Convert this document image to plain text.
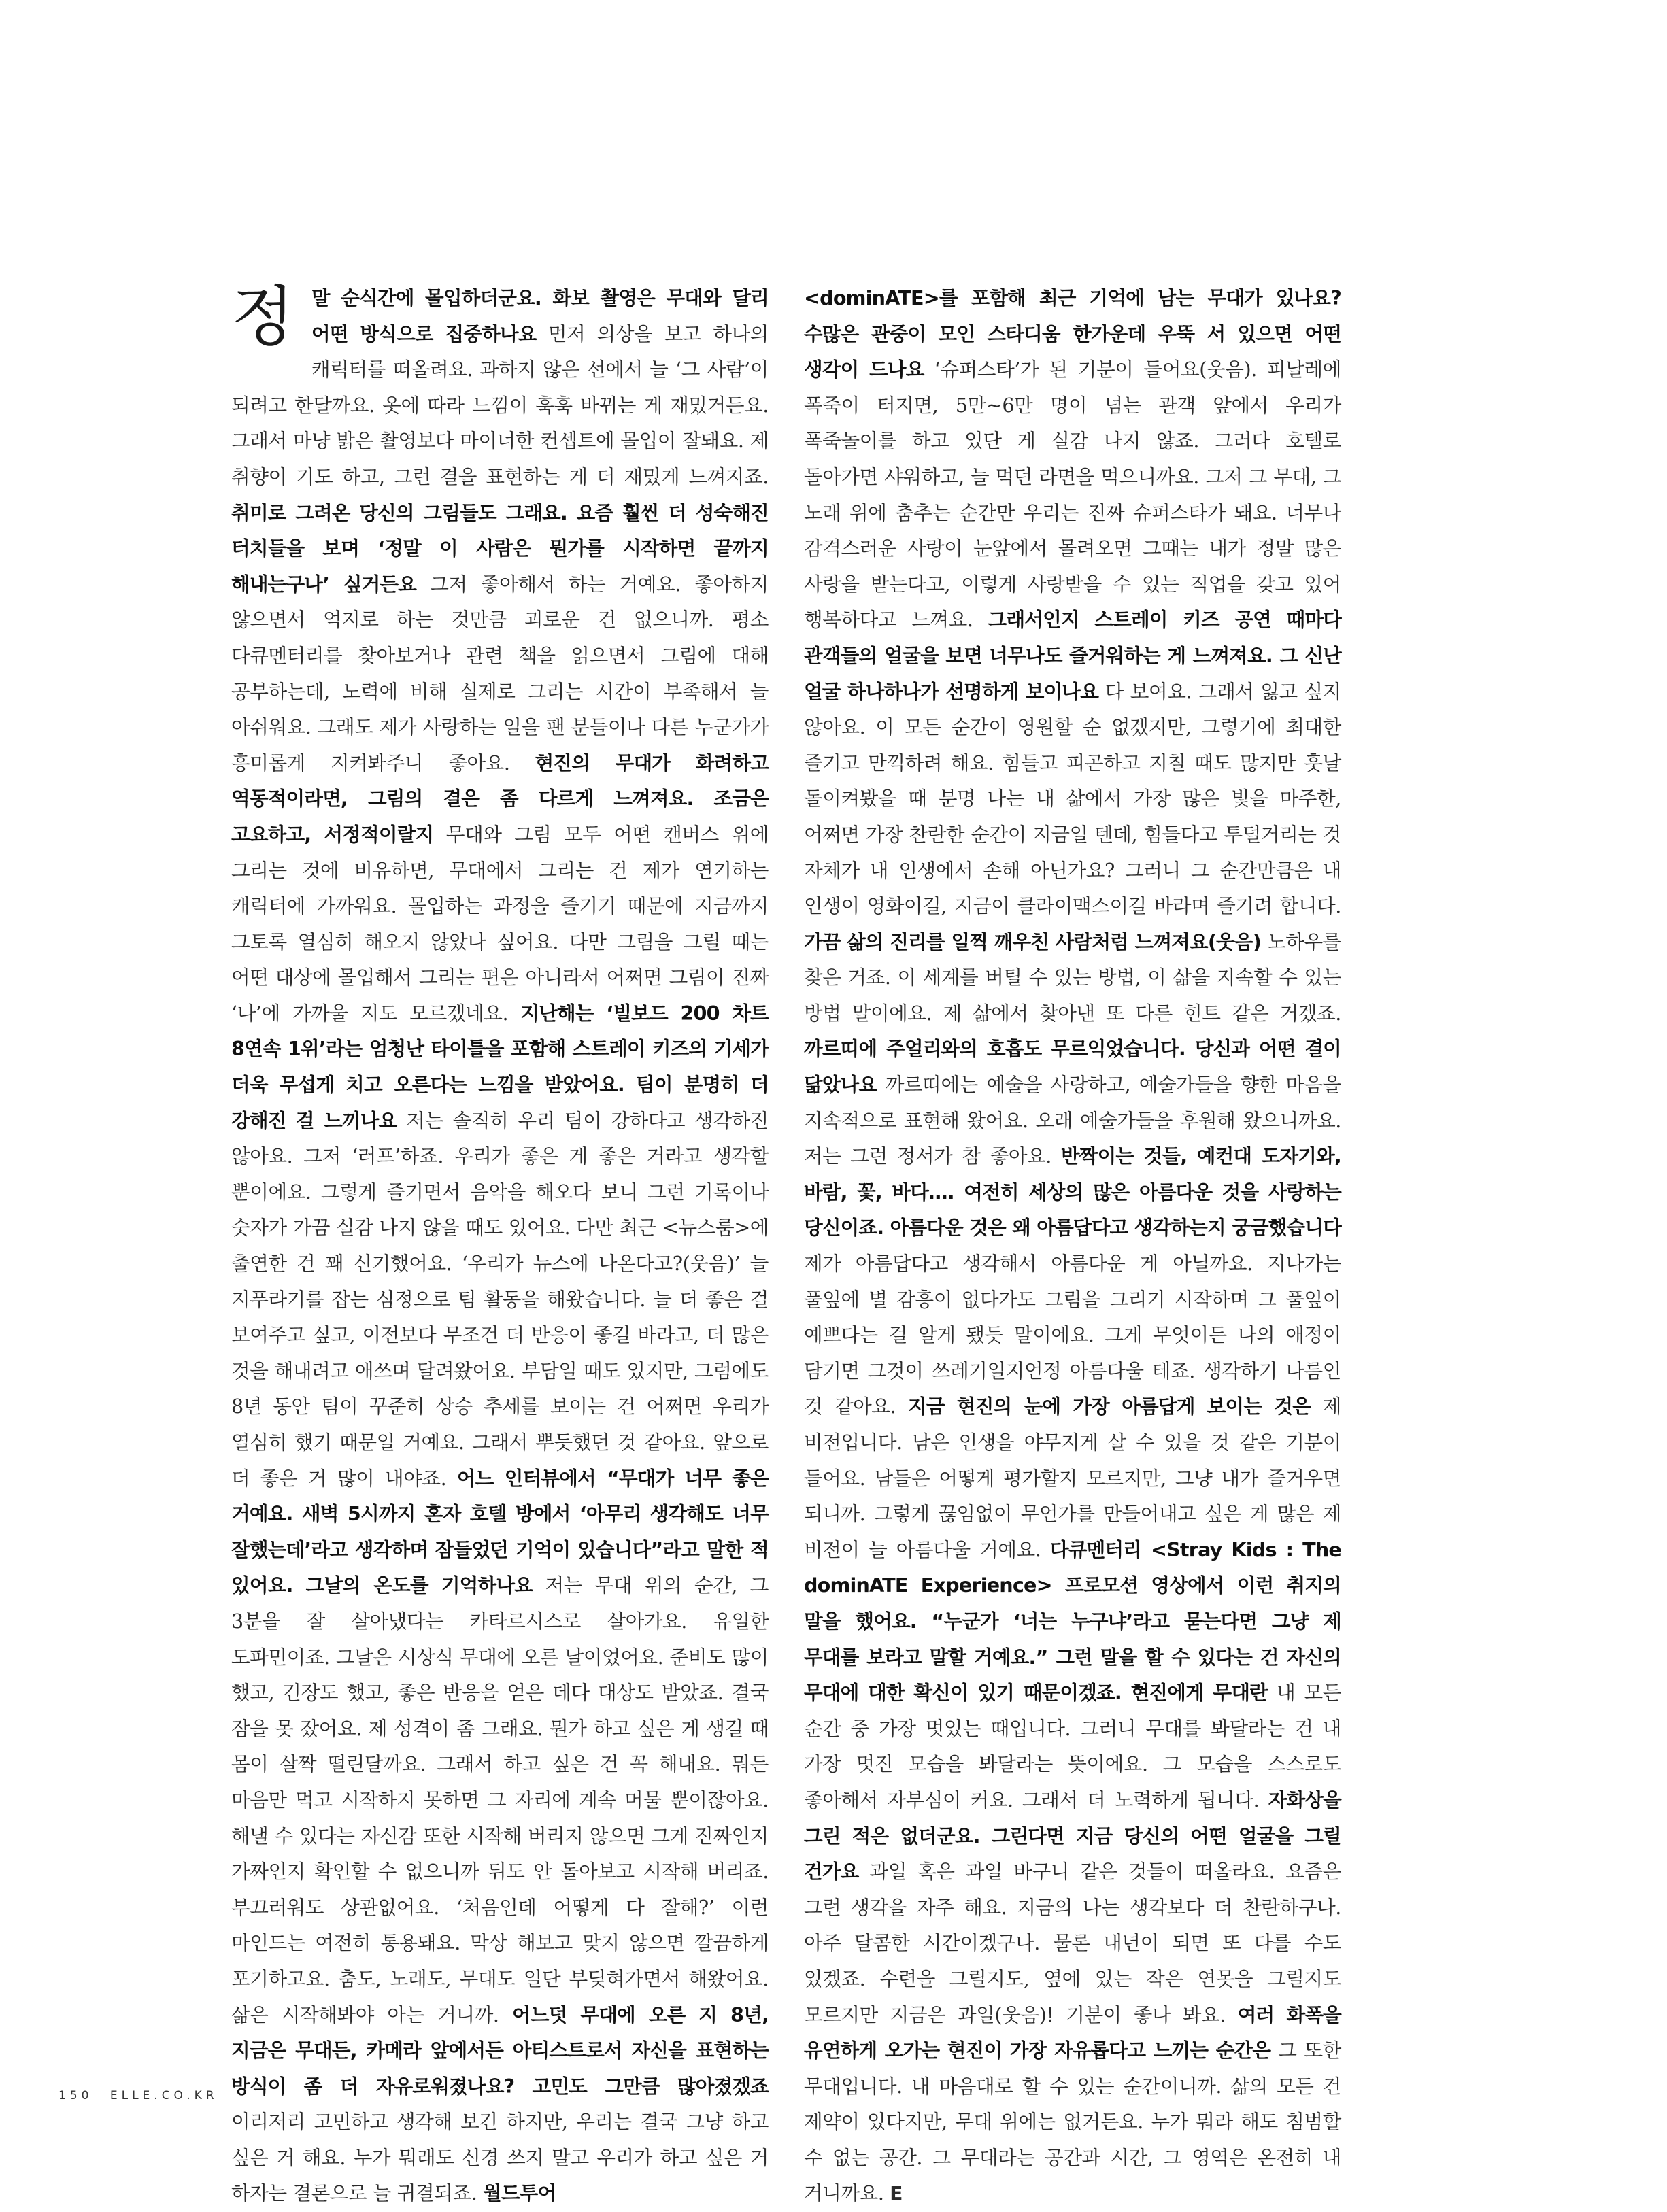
정 말 순식간에 몰입하더군요. 화보 촬영은 무대와 달리 어떤 방식으로 집중하나요 먼저 의상을 보고 하나의 캐릭터를 떠올려요. 과하지 않은 선에서 늘 ‘그 사람’이 되려고 한달까요. 옷에 따라 느낌이 훅훅 바뀌는 게 재밌거든요. 그래서 마냥 밝은 촬영보다 마이너한 컨셉트에 몰입이 잘돼요. 제 취향이 기도 하고, 그런 결을 표현하는 게 더 재밌게 느껴지죠. 취미로 그려온 당신의 그림들도 그래요. 요즘 훨씬 더 성숙해진 터치들을 보며 ‘정말 이 사람은 뭔가를 시작하면 끝까지 해내는구나’ 싶거든요 그저 좋아해서 하는 거예요. 좋아하지 않으면서 억지로 하는 것만큼 괴로운 건 없으니까. 평소 다큐멘터리를 찾아보거나 관련 책을 읽으면서 그림에 대해 공부하는데, 노력에 비해 실제로 그리는 시간이 부족해서 늘 아쉬워요. 그래도 제가 사랑하는 일을 팬 분들이나 다른 누군가가 흥미롭게 지켜봐주니 좋아요. 현진의 무대가 화려하고 역동적이라면, 그림의 결은 좀 다르게 느껴져요. 조금은 고요하고, 서정적이랄지 무대와 그림 모두 어떤 캔버스 위에 그리는 것에 비유하면, 무대에서 그리는 건 제가 연기하는 캐릭터에 가까워요. 몰입하는 과정을 즐기기 때문에 지금까지 그토록 열심히 해오지 않았나 싶어요. 다만 그림을 그릴 때는 어떤 대상에 몰입해서 그리는 편은 아니라서 어쩌면 그림이 진짜 ‘나’에 가까울 지도 모르겠네요. 지난해는 ‘빌보드 200 차트 8연속 1위’라는 엄청난 타이틀을 포함해 스트레이 키즈의 기세가 더욱 무섭게 치고 오른다는 느낌을 받았어요. 팀이 분명히 더 강해진 걸 느끼나요 저는 솔직히 우리 팀이 강하다고 생각하진 않아요. 그저 ‘러프’하죠. 우리가 좋은 게 좋은 거라고 생각할 뿐이에요. 그렇게 즐기면서 음악을 해오다 보니 그런 기록이나 숫자가 가끔 실감 나지 않을 때도 있어요. 다만 최근 <뉴스룸>에 출연한 건 꽤 신기했어요. ‘우리가 뉴스에 나온다고?(웃음)’ 늘 지푸라기를 잡는 심정으로 팀 활동을 해왔습니다. 늘 더 좋은 걸 보여주고 싶고, 이전보다 무조건 더 반응이 좋길 바라고, 더 많은 것을 해내려고 애쓰며 달려왔어요. 부담일 때도 있지만, 그럼에도 8년 동안 팀이 꾸준히 상승 추세를 보이는 건 어쩌면 우리가 열심히 했기 때문일 거예요. 그래서 뿌듯했던 것 같아요. 앞으로 더 좋은 거 많이 내야죠. 어느 인터뷰에서 “무대가 너무 좋은 거예요. 새벽 5시까지 혼자 호텔 방에서 ‘아무리 생각해도 너무 잘했는데’라고 생각하며 잠들었던 기억이 있습니다”라고 말한 적 있어요. 그날의 온도를 기억하나요 저는 무대 위의 순간, 그 3분을 잘 살아냈다는 카타르시스로 살아가요. 유일한 도파민이죠. 그날은 시상식 무대에 오른 날이었어요. 준비도 많이 했고, 긴장도 했고, 좋은 반응을 얻은 데다 대상도 받았죠. 결국 잠을 못 잤어요. 제 성격이 좀 그래요. 뭔가 하고 싶은 게 생길 때 몸이 살짝 떨린달까요. 그래서 하고 싶은 건 꼭 해내요. 뭐든 마음만 먹고 시작하지 못하면 그 자리에 계속 머물 뿐이잖아요. 해낼 수 있다는 자신감 또한 시작해 버리지 않으면 그게 진짜인지 가짜인지 확인할 수 없으니까 뒤도 안 돌아보고 시작해 버리죠. 부끄러워도 상관없어요. ‘처음인데 어떻게 다 잘해?’ 이런 마인드는 여전히 통용돼요. 막상 해보고 맞지 않으면 깔끔하게 포기하고요. 춤도, 노래도, 무대도 일단 부딪혀가면서 해왔어요. 삶은 시작해봐야 아는 거니까. 어느덧 무대에 오른 지 8년, 지금은 무대든, 카메라 앞에서든 아티스트로서 자신을 표현하는 방식이 좀 더 자유로워졌나요? 고민도 그만큼 많아졌겠죠 이리저리 고민하고 생각해 보긴 하지만, 우리는 결국 그냥 하고 싶은 거 해요. 누가 뭐래도 신경 쓰지 말고 우리가 하고 싶은 거 하자는 결론으로 늘 귀결되죠. 월드투어

<dominATE>를 포함해 최근 기억에 남는 무대가 있나요? 수많은 관중이 모인 스타디움 한가운데 우뚝 서 있으면 어떤 생각이 드나요 ‘슈퍼스타’가 된 기분이 들어요(웃음). 피날레에 폭죽이 터지면, 5만~6만 명이 넘는 관객 앞에서 우리가 폭죽놀이를 하고 있단 게 실감 나지 않죠. 그러다 호텔로 돌아가면 샤워하고, 늘 먹던 라면을 먹으니까요. 그저 그 무대, 그 노래 위에 춤추는 순간만 우리는 진짜 슈퍼스타가 돼요. 너무나 감격스러운 사랑이 눈앞에서 몰려오면 그때는 내가 정말 많은 사랑을 받는다고, 이렇게 사랑받을 수 있는 직업을 갖고 있어 행복하다고 느껴요. 그래서인지 스트레이 키즈 공연 때마다 관객들의 얼굴을 보면 너무나도 즐거워하는 게 느껴져요. 그 신난 얼굴 하나하나가 선명하게 보이나요 다 보여요. 그래서 잃고 싶지 않아요. 이 모든 순간이 영원할 순 없겠지만, 그렇기에 최대한 즐기고 만끽하려 해요. 힘들고 피곤하고 지칠 때도 많지만 훗날 돌이켜봤을 때 분명 나는 내 삶에서 가장 많은 빛을 마주한, 어쩌면 가장 찬란한 순간이 지금일 텐데, 힘들다고 투덜거리는 것 자체가 내 인생에서 손해 아닌가요? 그러니 그 순간만큼은 내 인생이 영화이길, 지금이 클라이맥스이길 바라며 즐기려 합니다. 가끔 삶의 진리를 일찍 깨우친 사람처럼 느껴져요(웃음) 노하우를 찾은 거죠. 이 세계를 버틸 수 있는 방법, 이 삶을 지속할 수 있는 방법 말이에요. 제 삶에서 찾아낸 또 다른 힌트 같은 거겠죠. 까르띠에 주얼리와의 호흡도 무르익었습니다. 당신과 어떤 결이 닮았나요 까르띠에는 예술을 사랑하고, 예술가들을 향한 마음을 지속적으로 표현해 왔어요. 오래 예술가들을 후원해 왔으니까요. 저는 그런 정서가 참 좋아요. 반짝이는 것들, 예컨대 도자기와, 바람, 꽃, 바다…. 여전히 세상의 많은 아름다운 것을 사랑하는 당신이죠. 아름다운 것은 왜 아름답다고 생각하는지 궁금했습니다 제가 아름답다고 생각해서 아름다운 게 아닐까요. 지나가는 풀잎에 별 감흥이 없다가도 그림을 그리기 시작하며 그 풀잎이 예쁘다는 걸 알게 됐듯 말이에요. 그게 무엇이든 나의 애정이 담기면 그것이 쓰레기일지언정 아름다울 테죠. 생각하기 나름인 것 같아요. 지금 현진의 눈에 가장 아름답게 보이는 것은 제 비전입니다. 남은 인생을 야무지게 살 수 있을 것 같은 기분이 들어요. 남들은 어떻게 평가할지 모르지만, 그냥 내가 즐거우면 되니까. 그렇게 끊임없이 무언가를 만들어내고 싶은 게 많은 제 비전이 늘 아름다울 거예요. 다큐멘터리 <Stray Kids : The dominATE Experience> 프로모션 영상에서 이런 취지의 말을 했어요. “누군가 ‘너는 누구냐’라고 묻는다면 그냥 제 무대를 보라고 말할 거예요.” 그런 말을 할 수 있다는 건 자신의 무대에 대한 확신이 있기 때문이겠죠. 현진에게 무대란 내 모든 순간 중 가장 멋있는 때입니다. 그러니 무대를 봐달라는 건 내 가장 멋진 모습을 봐달라는 뜻이에요. 그 모습을 스스로도 좋아해서 자부심이 커요. 그래서 더 노력하게 됩니다. 자화상을 그린 적은 없더군요. 그린다면 지금 당신의 어떤 얼굴을 그릴 건가요 과일 혹은 과일 바구니 같은 것들이 떠올라요. 요즘은 그런 생각을 자주 해요. 지금의 나는 생각보다 더 찬란하구나. 아주 달콤한 시간이겠구나. 물론 내년이 되면 또 다를 수도 있겠죠. 수련을 그릴지도, 옆에 있는 작은 연못을 그릴지도 모르지만 지금은 과일(웃음)! 기분이 좋나 봐요. 여러 화폭을 유연하게 오가는 현진이 가장 자유롭다고 느끼는 순간은 그 또한 무대입니다. 내 마음대로 할 수 있는 순간이니까. 삶의 모든 건 제약이 있다지만, 무대 위에는 없거든요. 누가 뭐라 해도 침범할 수 없는 공간. 그 무대라는 공간과 시간, 그 영역은 온전히 내 거니까요. E

150 ELLE.CO.KR
